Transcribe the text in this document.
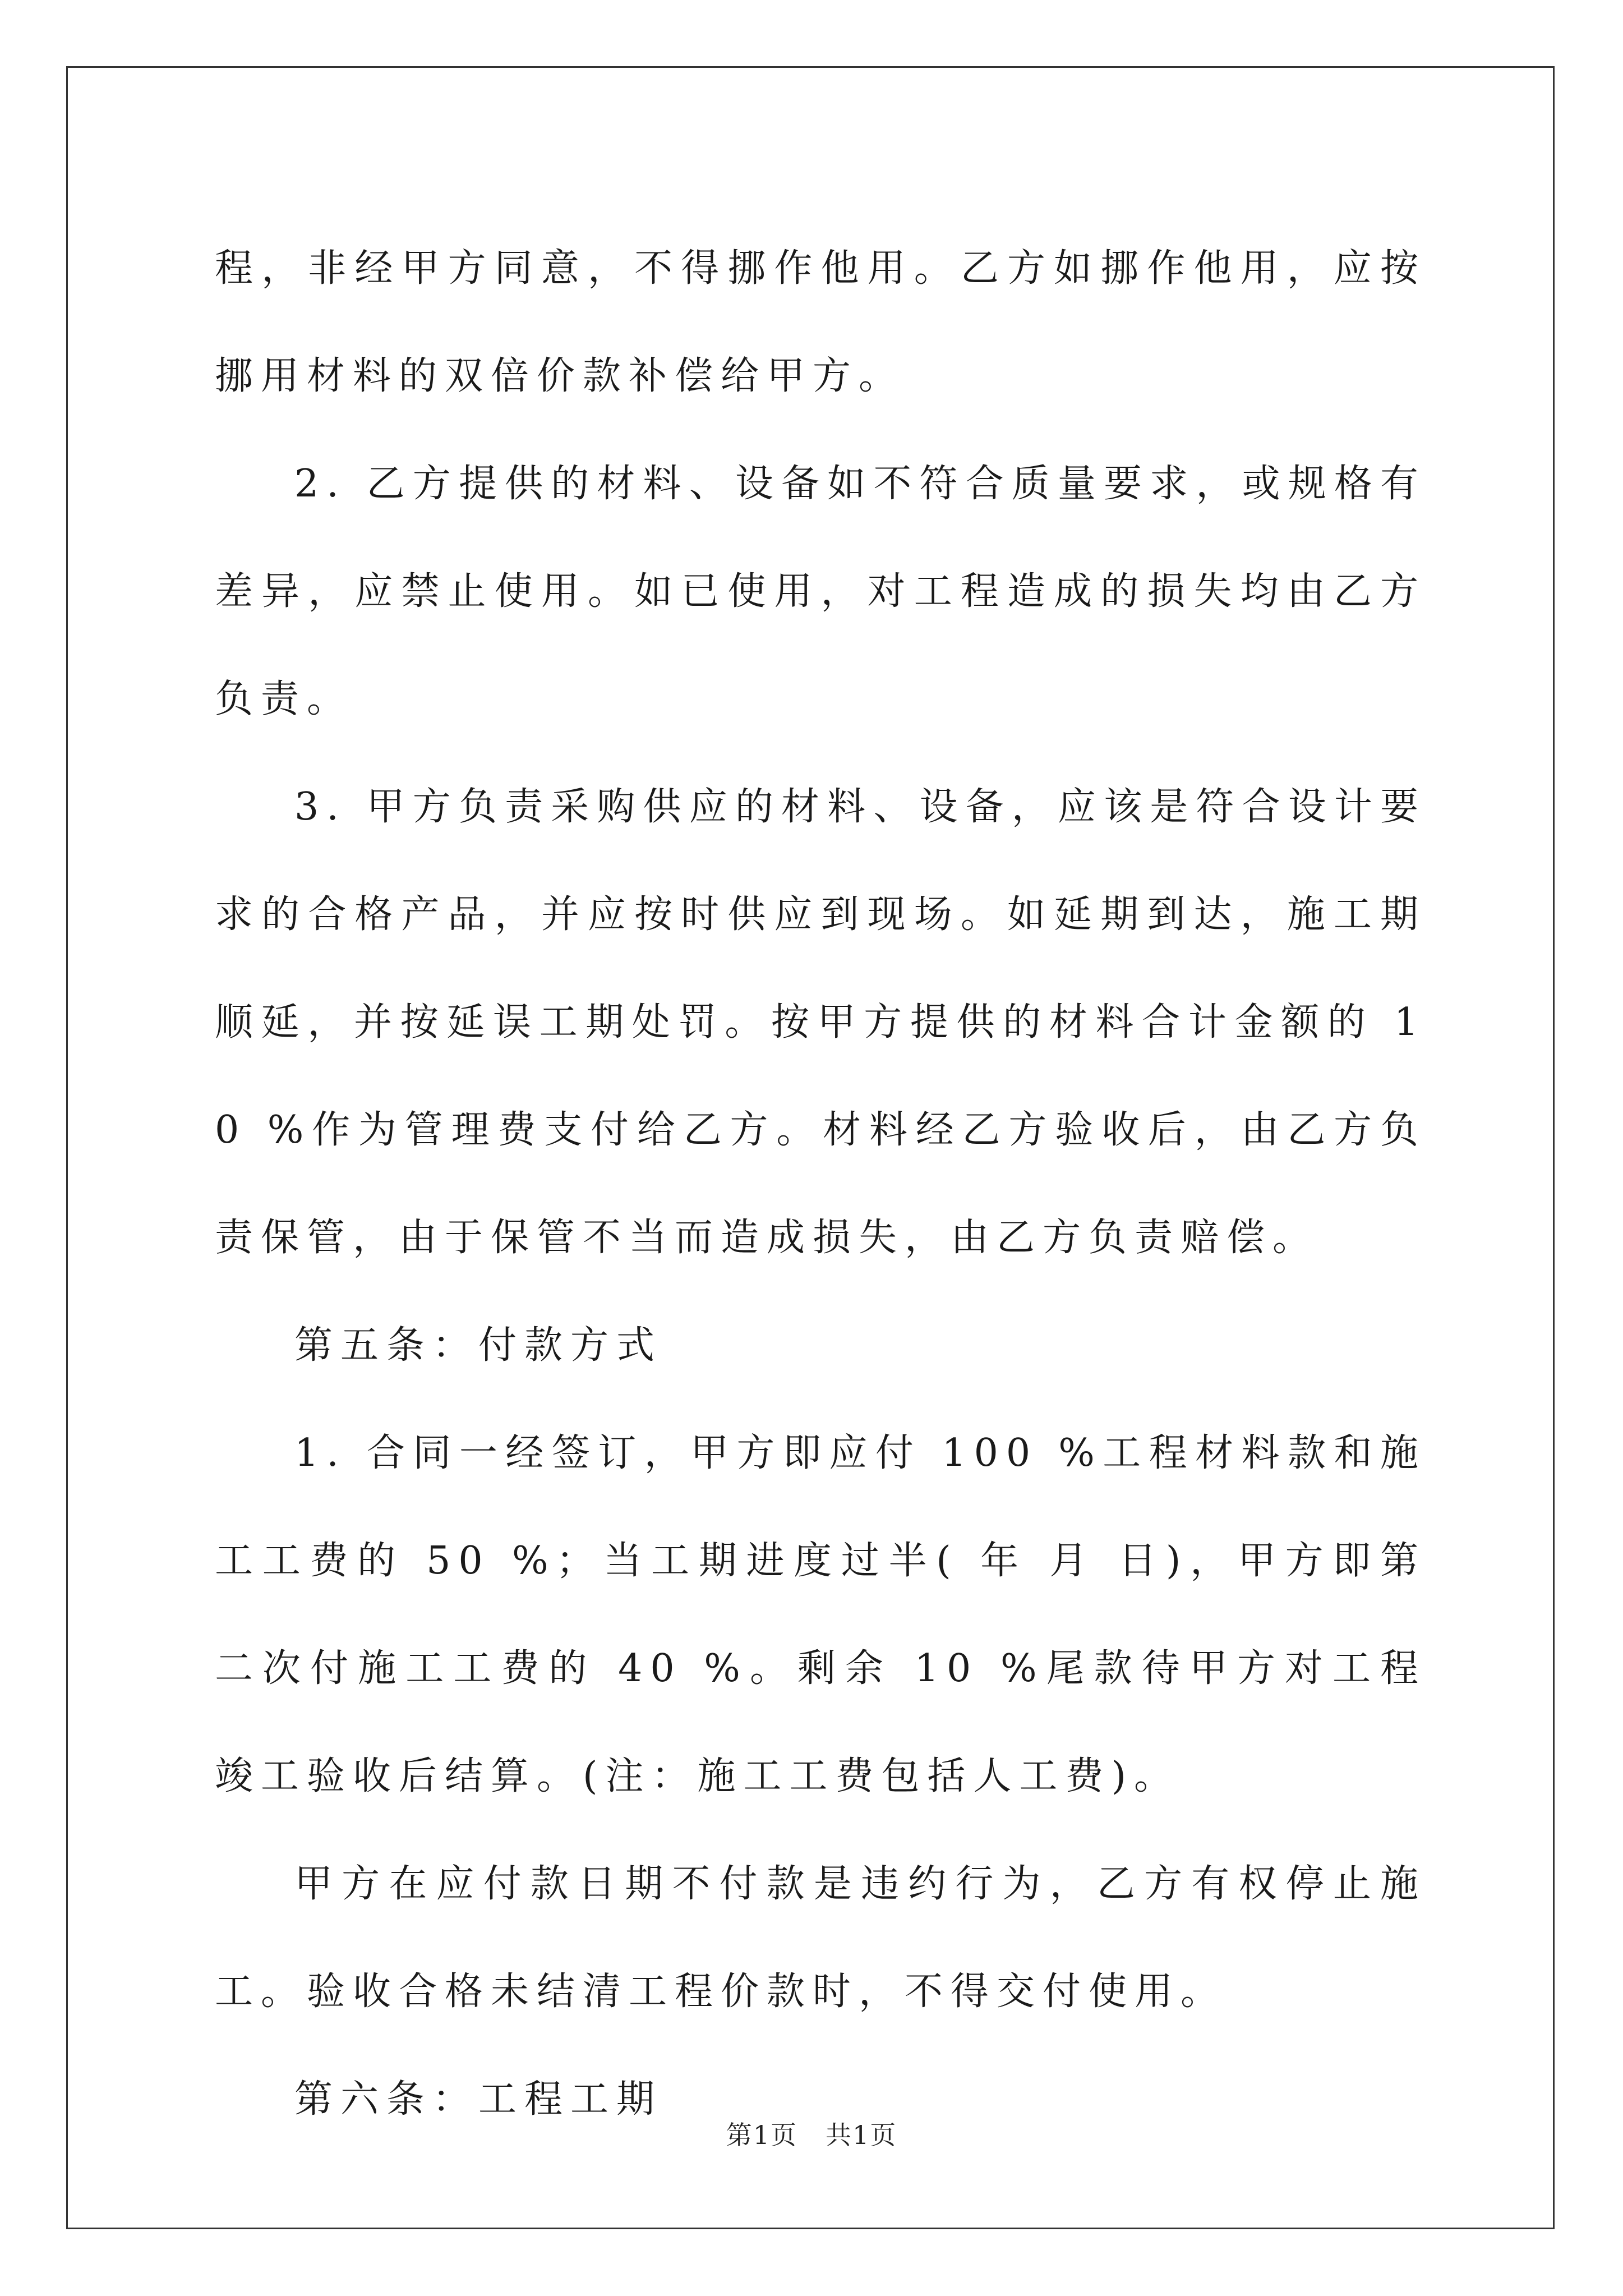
程，非经甲方同意，不得挪作他用。乙方如挪作他用，应按挪用材料的双倍价款补偿给甲方。

2. 乙方提供的材料、设备如不符合质量要求，或规格有差异，应禁止使用。如已使用，对工程造成的损失均由乙方负责。

3. 甲方负责采购供应的材料、设备，应该是符合设计要求的合格产品，并应按时供应到现场。如延期到达，施工期顺延，并按延误工期处罚。按甲方提供的材料合计金额的 10 %作为管理费支付给乙方。材料经乙方验收后，由乙方负责保管，由于保管不当而造成损失，由乙方负责赔偿。

第五条：付款方式

1. 合同一经签订，甲方即应付 100 %工程材料款和施工工费的 50 %；当工期进度过半( 年 月 日)，甲方即第二次付施工工费的 40 %。剩余 10 %尾款待甲方对工程竣工验收后结算。(注：施工工费包括人工费)。

甲方在应付款日期不付款是违约行为，乙方有权停止施工。验收合格未结清工程价款时，不得交付使用。

第六条：工程工期

第1页 共1页
